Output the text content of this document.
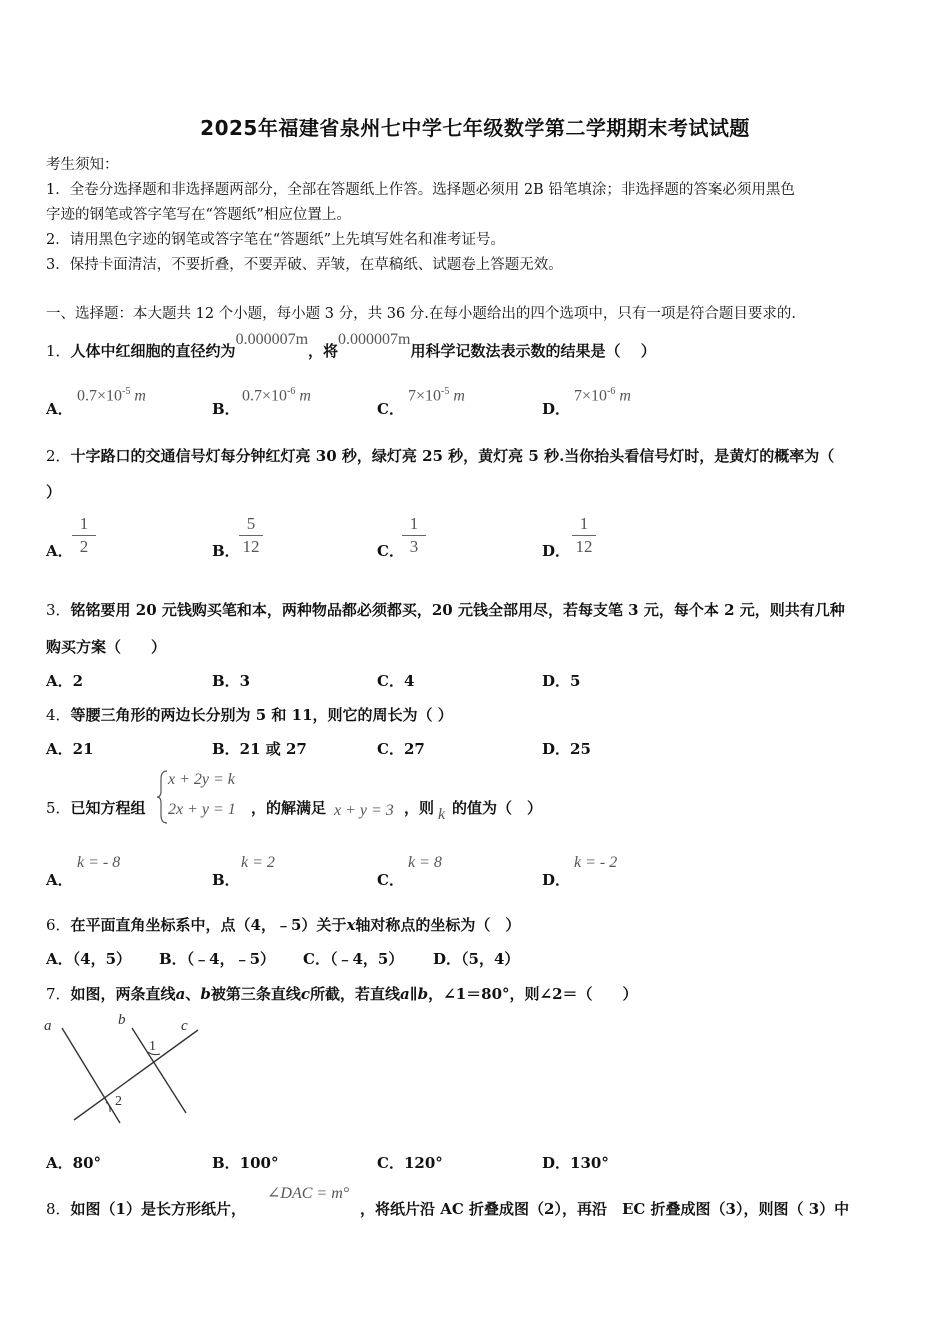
2025年福建省泉州七中学七年级数学第二学期期末考试试题
考生须知：
1．全卷分选择题和非选择题两部分，全部在答题纸上作答。选择题必须用 2B 铅笔填涂；非选择题的答案必须用黑色
字迹的钢笔或答字笔写在“答题纸”相应位置上。
2．请用黑色字迹的钢笔或答字笔在“答题纸”上先填写姓名和准考证号。
3．保持卡面清洁，不要折叠，不要弄破、弄皱，在草稿纸、试题卷上答题无效。
一、选择题：本大题共 12 个小题，每小题 3 分，共 36 分.在每小题给出的四个选项中，只有一项是符合题目要求的.
1．人体中红细胞的直径约为0.000007m，将0.000007m用科学记数法表示数的结果是（　 ）
A．
$0.7\times 10^{-5}$ m
B．
$0.7\times 10^{-6}$ m
C．
$7\times 10^{-5}$ m
D．
$7\times 10^{-6}$ m
2．十字路口的交通信号灯每分钟红灯亮 30 秒，绿灯亮 25 秒，黄灯亮 5 秒.当你抬头看信号灯时，是黄灯的概率为（
）
A．
1
2	B．
5
12	C．
1
3	D．
1
12
3．铭铭要用 20 元钱购买笔和本，两种物品都必须都买，20 元钱全部用尽，若每支笔 3 元，每个本 2 元，则共有几种
购买方案（　　）
A．2	B．3	C．4	D．5
4．等腰三角形的两边长分别为 5 和 11，则它的周长为（ ）
A．21	B．21 或 27	C．27	D．25
5．已知方程组
x + 2y = k
2x + y = 1 ，的解满足 x + y = 3 ，则 k 的值为（　）
A．
k = - 8
B．
k = 2
C．
k = 8
D．
k = - 2
6．在平面直角坐标系中，点（4，﹣5）关于x轴对称点的坐标为（　）
A．（4，5） B．（﹣4，﹣5） C．（﹣4，5） D．（5，4）
7．如图，两条直线a、b被第三条直线c所截，若直线a∥b，∠1＝80°，则∠2＝（　　）
a	b	c
1
2
A．80°	B．100°	C．120°	D．130°
8．如图（1）是长方形纸片，
∠DAC = m°
，将纸片沿 AC 折叠成图（2），再沿　EC 折叠成图（3），则图（ 3）中
